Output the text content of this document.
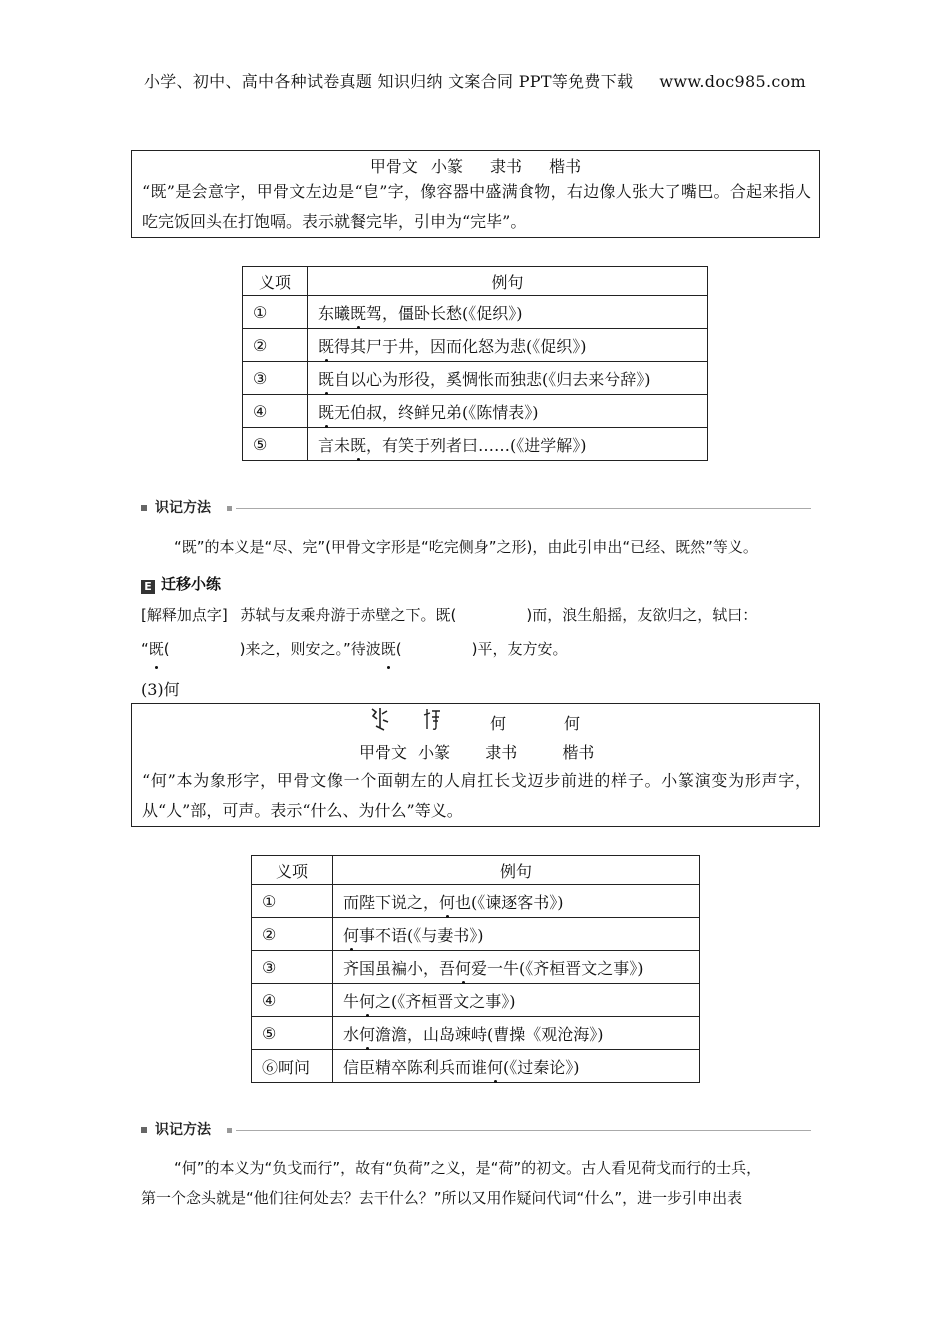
小学、初中、高中各种试卷真题 知识归纳 文案合同 PPT等免费下载 www.doc985.com
甲骨文 小篆 隶书 楷书
“既”是会意字，甲骨文左边是“皀”字，像容器中盛满食物，右边像人张大了嘴巴。合起来指人吃完饭回头在打饱嗝。表示就餐完毕，引申为“完毕”。
义项	例句
①	东曦既驾，僵卧长愁(《促织》)
②	既得其尸于井，因而化怒为悲(《促织》)
③	既自以心为形役，奚惆怅而独悲(《归去来兮辞》)
④	既无伯叔，终鲜兄弟(《陈情表》)
⑤	言未既，有笑于列者曰……(《进学解》)
识记方法
“既”的本义是“尽、完”(甲骨文字形是“吃完侧身”之形)，由此引申出“已经、既然”等义。
E 迁移小练
[解释加点字] 苏轼与友乘舟游于赤壁之下。既(	)而，浪生船摇，友欲归之，轼曰：
“既(	)来之，则安之。”待波既(	)平，友方安。
(3)何
何	何
甲骨文 小篆 隶书	楷书
“何”本为象形字，甲骨文像一个面朝左的人肩扛长戈迈步前进的样子。小篆演变为形声字，从“人”部，可声。表示“什么、为什么”等义。
义项	例句
①	而陛下说之，何也(《谏逐客书》)
②	何事不语(《与妻书》)
③	齐国虽褊小，吾何爱一牛(《齐桓晋文之事》)
④	牛何之(《齐桓晋文之事》)
⑤	水何澹澹，山岛竦峙(曹操《观沧海》)
⑥呵问	信臣精卒陈利兵而谁何(《过秦论》)
识记方法
“何”的本义为“负戈而行”，故有“负荷”之义，是“荷”的初文。古人看见荷戈而行的士兵，
第一个念头就是“他们往何处去？去干什么？”所以又用作疑问代词“什么”，进一步引申出表
